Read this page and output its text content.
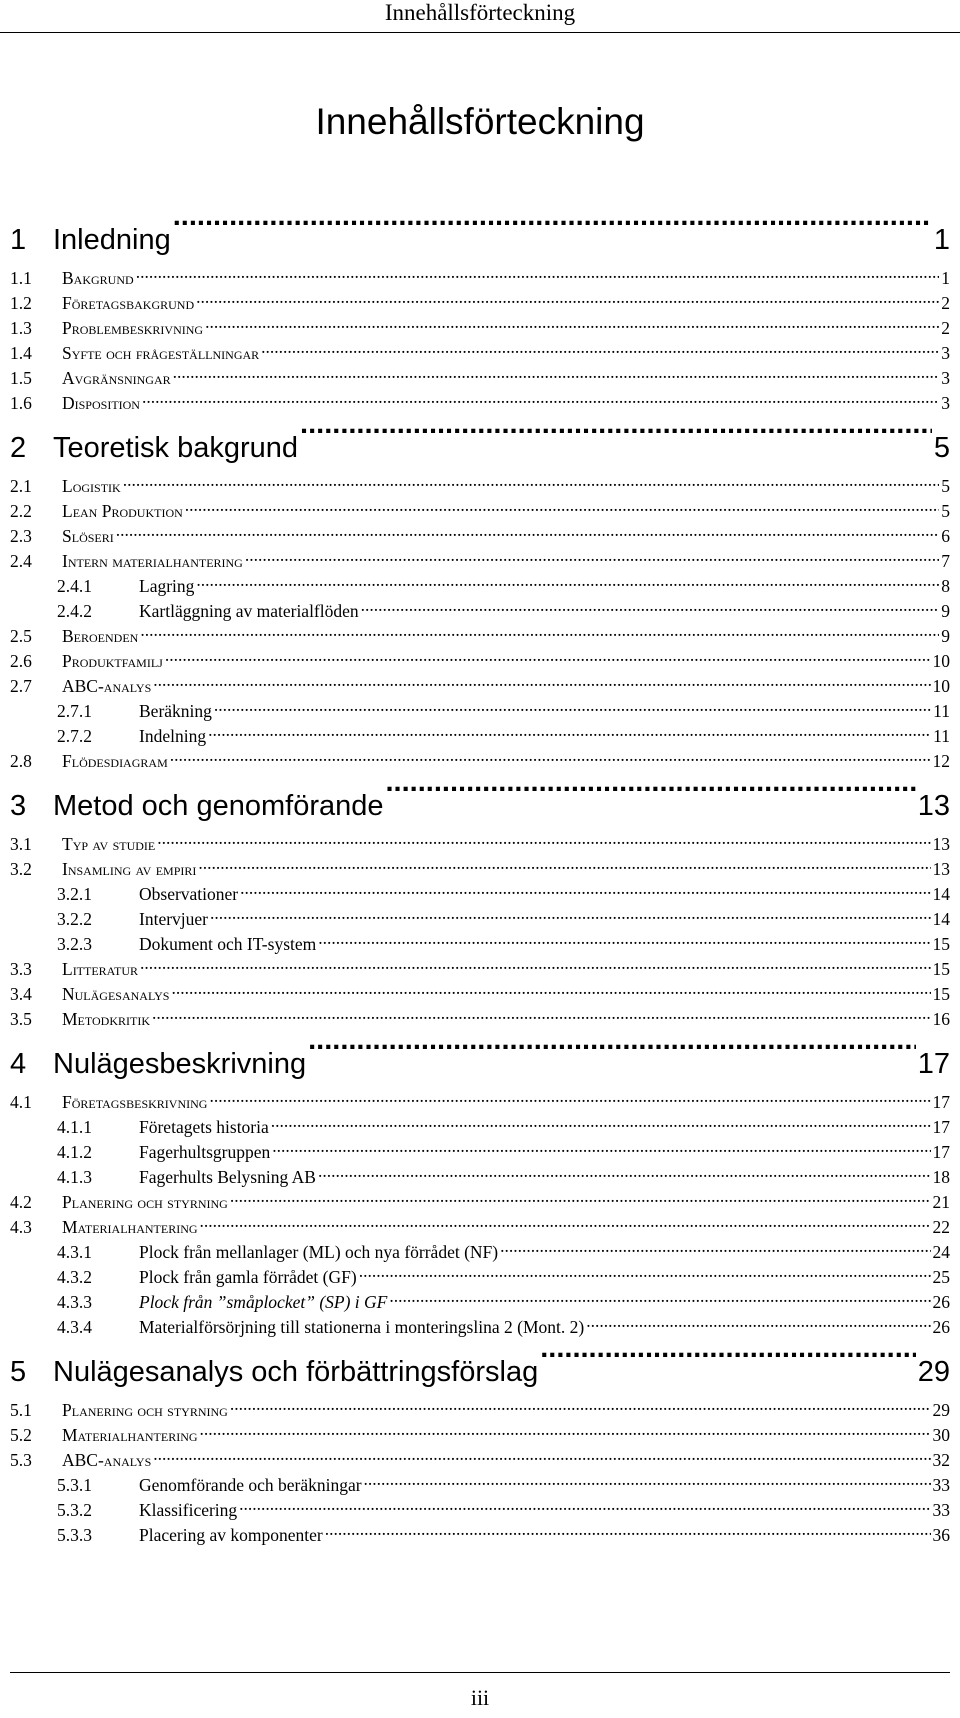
Innehållsförteckning
Innehållsförteckning
1 Inledning .....	1
1.1	Bakgrund .....	1
1.2	Företagsbakgrund .....	2
1.3	Problembeskrivning .....	2
1.4	Syfte och frågeställningar .....	3
1.5	Avgränsningar .....	3
1.6	Disposition .....	3
2 Teoretisk bakgrund .....	5
2.1	Logistik .....	5
2.2	Lean Produktion .....	5
2.3	Slöseri .....	6
2.4	Intern materialhantering .....	7
2.4.1	Lagring .....	8
2.4.2	Kartläggning av materialflöden .....	9
2.5	Beroenden .....	9
2.6	Produktfamilj .....	10
2.7	ABC-analys .....	10
2.7.1	Beräkning .....	11
2.7.2	Indelning .....	11
2.8	Flödesdiagram .....	12
3 Metod och genomförande .....	13
3.1	Typ av studie .....	13
3.2	Insamling av empiri .....	13
3.2.1	Observationer .....	14
3.2.2	Intervjuer .....	14
3.2.3	Dokument och IT-system .....	15
3.3	Litteratur .....	15
3.4	Nulägesanalys .....	15
3.5	Metodkritik .....	16
4 Nulägesbeskrivning .....	17
4.1	Företagsbeskrivning .....	17
4.1.1	Företagets historia .....	17
4.1.2	Fagerhultsgruppen .....	17
4.1.3	Fagerhults Belysning AB .....	18
4.2	Planering och styrning .....	21
4.3	Materialhantering .....	22
4.3.1	Plock från mellanlager (ML) och nya förrådet (NF) .....	24
4.3.2	Plock från gamla förrådet (GF) .....	25
4.3.3	Plock från ”småplocket” (SP) i GF .....	26
4.3.4	Materialförsörjning till stationerna i monteringslina 2 (Mont. 2) .....	26
5 Nulägesanalys och förbättringsförslag .....	29
5.1	Planering och styrning .....	29
5.2	Materialhantering .....	30
5.3	ABC-analys .....	32
5.3.1	Genomförande och beräkningar .....	33
5.3.2	Klassificering .....	33
5.3.3	Placering av komponenter .....	36
iii
